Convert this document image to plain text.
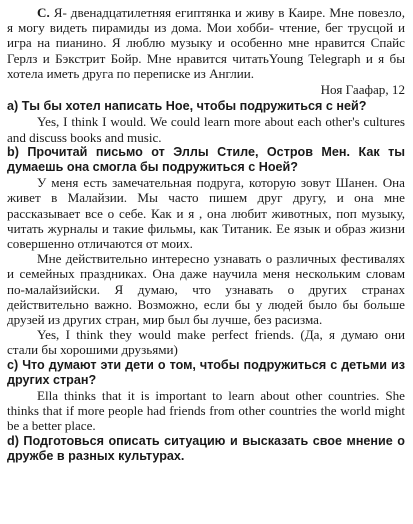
C. Я- двенадцатилетняя египтянка и живу в Каире. Мне повезло, я могу видеть пирамиды из дома. Мои хобби- чтение, бег трусцой и игра на пианино. Я люблю музыку и особенно мне нравится Спайс Герлз и Бэкстрит Бойр. Мне нравится читатьYoung Telegraph и я бы хотела иметь друга по переписке из Англии.

Ноя Гаафар, 12

a) Ты бы хотел написать Ное, чтобы подружиться с ней?

Yes, I think I would. We could learn more about each other's cultures and discuss books and music.

b) Прочитай письмо от Эллы Стиле, Остров Мен. Как ты думаешь она смогла бы подружиться с Ноей?

У меня есть замечательная подруга, которую зовут Шанен. Она живет в Малайзии. Мы часто пишем друг другу, и она мне рассказывает все о себе. Как и я , она любит животных, поп музыку, читать журналы и такие фильмы, как Титаник. Ее язык и образ жизни совершенно отличаются от моих.

Мне действительно интересно узнавать о различных фестивалях и семейных праздниках. Она даже научила меня нескольким словам по-малайзийски. Я думаю, что узнавать о других странах действительно важно. Возможно, если бы у людей было бы больше друзей из других стран, мир был бы лучше, без расизма.

Yes, I think they would make perfect friends. (Да, я думаю они стали бы хорошими друзьями)

c) Что думают эти дети о том, чтобы подружиться с детьми из других стран?

Ella thinks that it is important to learn about other countries. She thinks that if more people had friends from other countries the world might be a better place.

d) Подготовься описать ситуацию и высказать свое мнение о дружбе в разных культурах.
